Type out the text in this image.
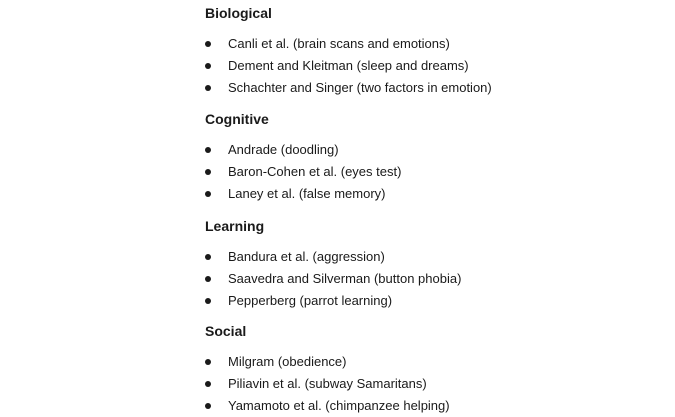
Biological
Canli et al. (brain scans and emotions)
Dement and Kleitman (sleep and dreams)
Schachter and Singer (two factors in emotion)
Cognitive
Andrade (doodling)
Baron-Cohen et al. (eyes test)
Laney et al. (false memory)
Learning
Bandura et al. (aggression)
Saavedra and Silverman (button phobia)
Pepperberg (parrot learning)
Social
Milgram (obedience)
Piliavin et al. (subway Samaritans)
Yamamoto et al. (chimpanzee helping)
